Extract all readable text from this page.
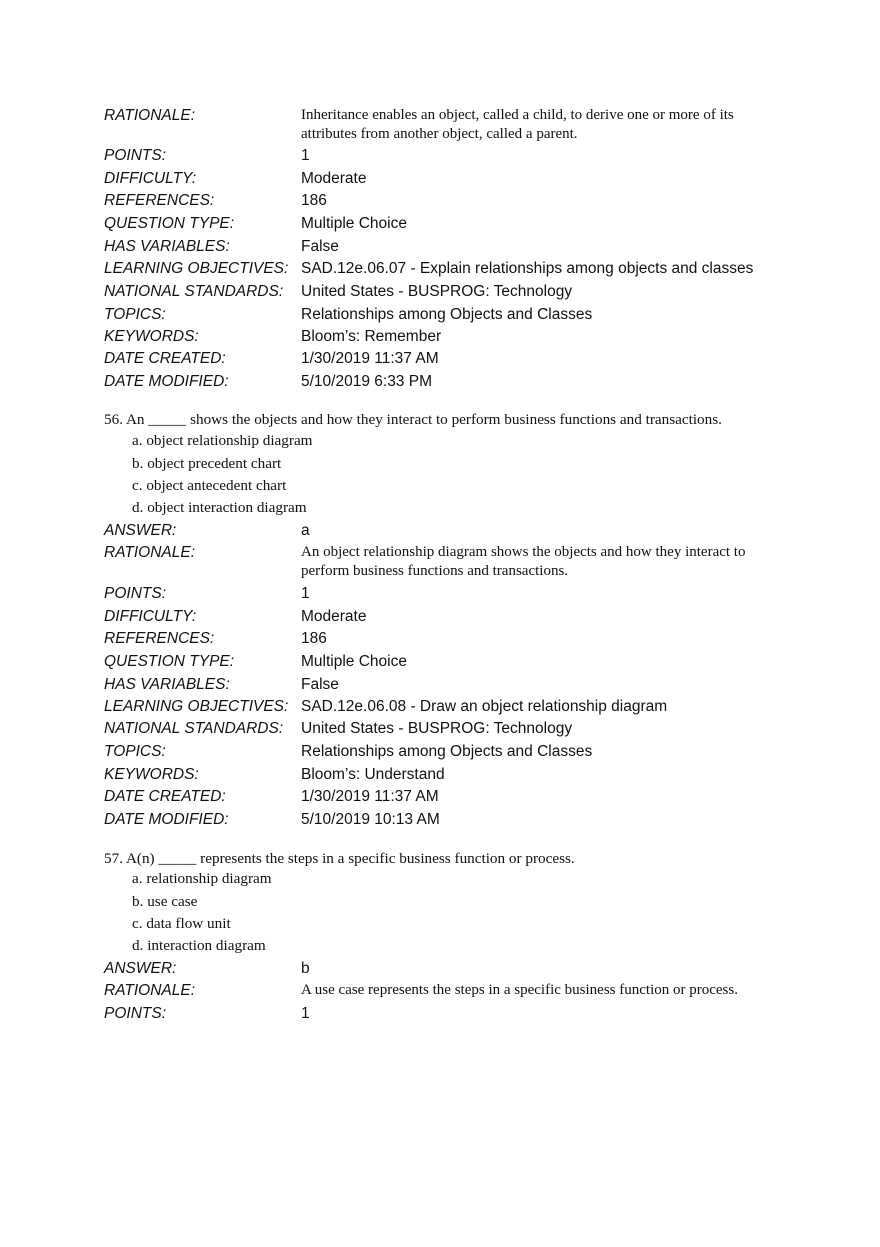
RATIONALE:	Inheritance enables an object, called a child, to derive one or more of its attributes from another object, called a parent.
POINTS:	1
DIFFICULTY:	Moderate
REFERENCES:	186
QUESTION TYPE:	Multiple Choice
HAS VARIABLES:	False
LEARNING OBJECTIVES: SAD.12e.06.07 - Explain relationships among objects and classes
NATIONAL STANDARDS: United States - BUSPROG: Technology
TOPICS:	Relationships among Objects and Classes
KEYWORDS:	Bloom’s: Remember
DATE CREATED:	1/30/2019 11:37 AM
DATE MODIFIED:	5/10/2019 6:33 PM
56. An _____ shows the objects and how they interact to perform business functions and transactions.
a. object relationship diagram
b. object precedent chart
c. object antecedent chart
d. object interaction diagram
ANSWER:	a
RATIONALE:	An object relationship diagram shows the objects and how they interact to perform business functions and transactions.
POINTS:	1
DIFFICULTY:	Moderate
REFERENCES:	186
QUESTION TYPE:	Multiple Choice
HAS VARIABLES:	False
LEARNING OBJECTIVES: SAD.12e.06.08 - Draw an object relationship diagram
NATIONAL STANDARDS: United States - BUSPROG: Technology
TOPICS:	Relationships among Objects and Classes
KEYWORDS:	Bloom’s: Understand
DATE CREATED:	1/30/2019 11:37 AM
DATE MODIFIED:	5/10/2019 10:13 AM
57. A(n) _____ represents the steps in a specific business function or process.
a. relationship diagram
b. use case
c. data flow unit
d. interaction diagram
ANSWER:	b
RATIONALE:	A use case represents the steps in a specific business function or process.
POINTS:	1
